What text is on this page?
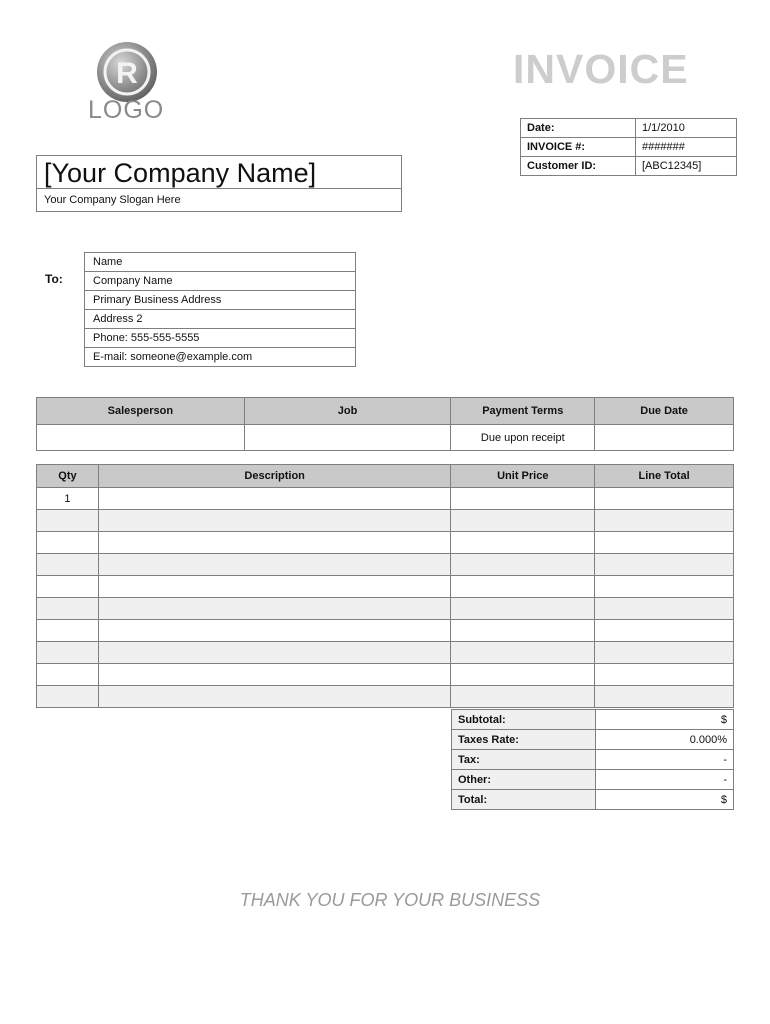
R
LOGO
INVOICE
Date:	1/1/2010
INVOICE #:	#######
Customer ID:	[ABC12345]
[Your Company Name]
Your Company Slogan Here
To:
Name
Company Name
Primary Business Address
Address 2
Phone: 555-555-5555
E-mail: someone@example.com
Salesperson	Job	Payment Terms	Due Date
		Due upon receipt	
Qty	Description	Unit Price	Line Total
1			

Subtotal:	$
Taxes Rate:	0.000%
Tax:	-
Other:	-
Total:	$
THANK YOU FOR YOUR BUSINESS
